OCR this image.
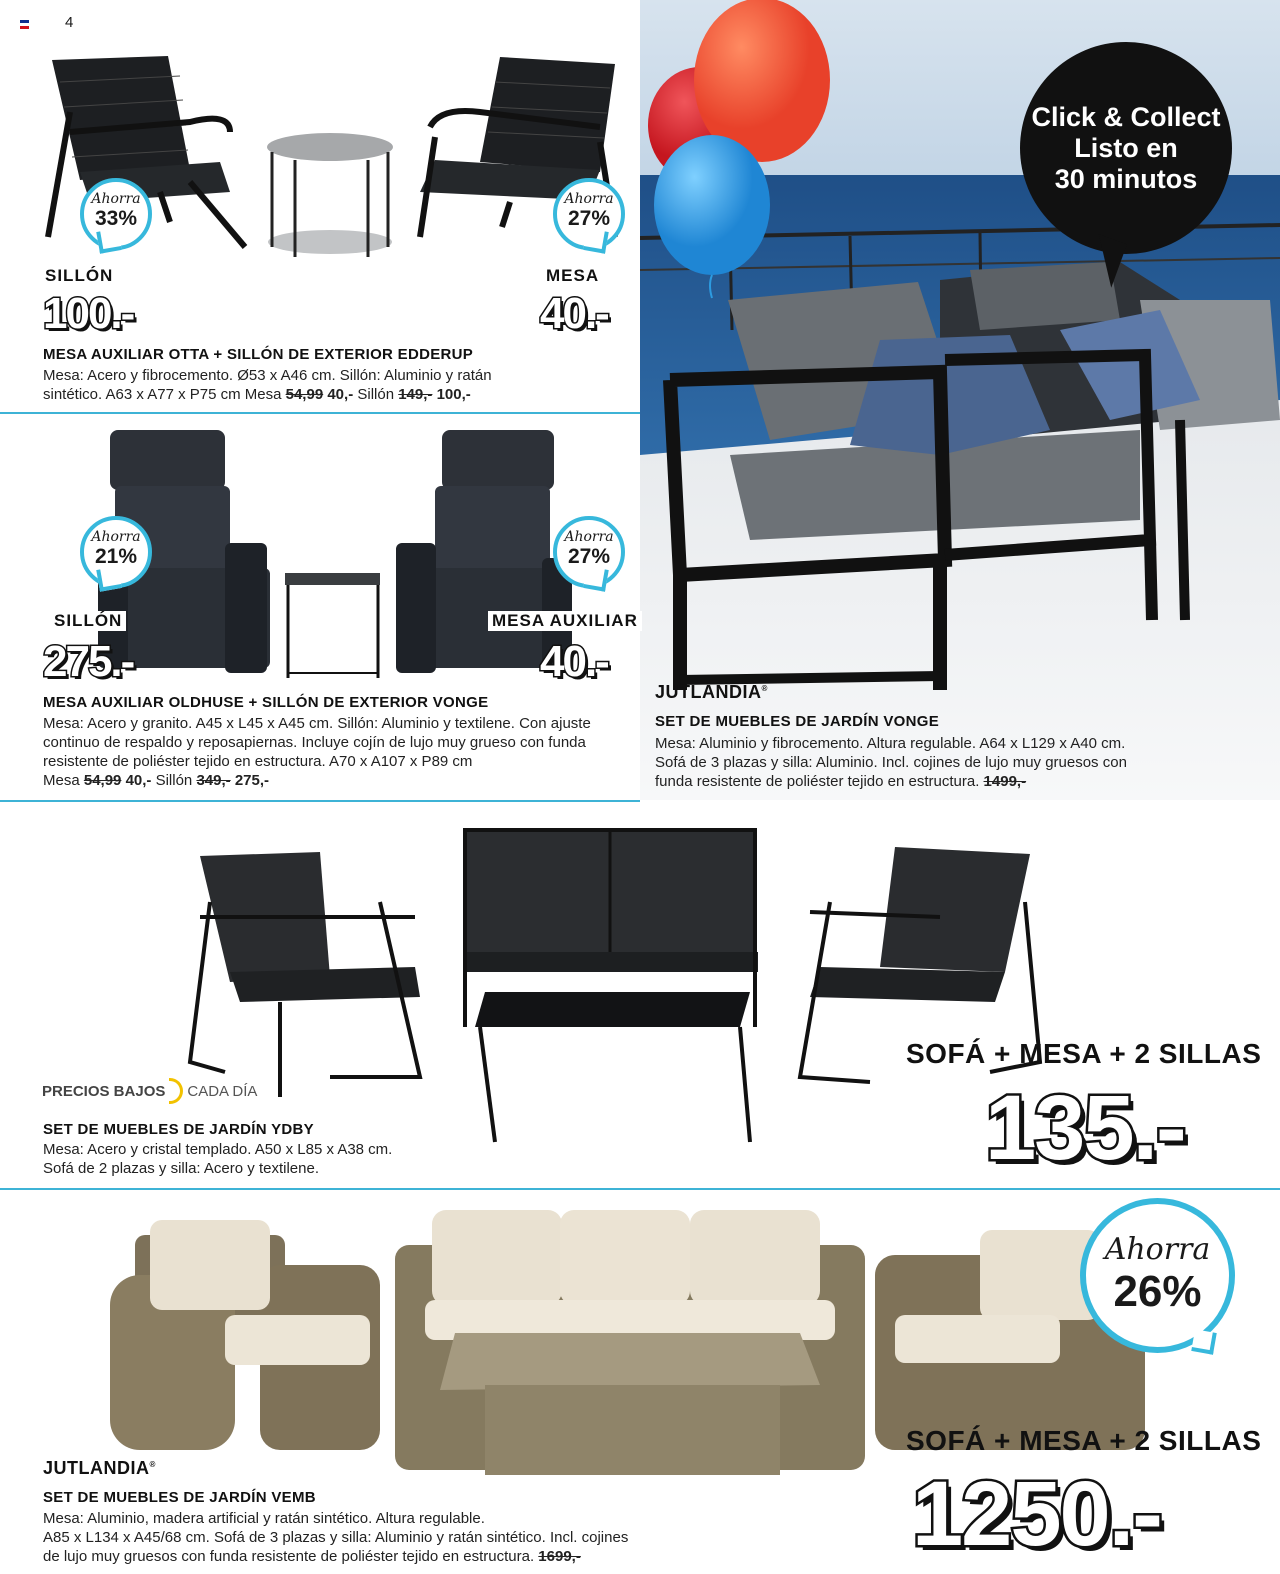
4
Click & Collect
Listo en
30 minutos
JUTLANDIA®
SET DE MUEBLES DE JARDÍN VONGE
Mesa: Aluminio y fibrocemento. Altura regulable. A64 x L129 x A40 cm.
Sofá de 3 plazas y silla: Aluminio. Incl. cojines de lujo muy gruesos con
funda resistente de poliéster tejido en estructura. 1499,-
Ahorra
33%
Ahorra
27%
SILLÓN	MESA
100.-	40.-
MESA AUXILIAR OTTA + SILLÓN DE EXTERIOR EDDERUP
Mesa: Acero y fibrocemento. Ø53 x A46 cm. Sillón: Aluminio y ratán
sintético. A63 x A77 x P75 cm Mesa 54,99 40,- Sillón 149,- 100,-
Ahorra
21%
Ahorra
27%
SILLÓN	MESA AUXILIAR
275.-	40.-
MESA AUXILIAR OLDHUSE + SILLÓN DE EXTERIOR VONGE
Mesa: Acero y granito. A45 x L45 x A45 cm. Sillón: Aluminio y textilene. Con ajuste
continuo de respaldo y reposapiernas. Incluye cojín de lujo muy grueso con funda
resistente de poliéster tejido en estructura. A70 x A107 x P89 cm
Mesa 54,99 40,- Sillón 349,- 275,-
PRECIOS BAJOS CADA DÍA
SET DE MUEBLES DE JARDÍN YDBY
Mesa: Acero y cristal templado. A50 x L85 x A38 cm.
Sofá de 2 plazas y silla: Acero y textilene.
SOFÁ + MESA + 2 SILLAS
135.-
Ahorra
26%
SOFÁ + MESA + 2 SILLAS
1250.-
JUTLANDIA®
SET DE MUEBLES DE JARDÍN VEMB
Mesa: Aluminio, madera artificial y ratán sintético. Altura regulable.
A85 x L134 x A45/68 cm. Sofá de 3 plazas y silla: Aluminio y ratán sintético. Incl. cojines
de lujo muy gruesos con funda resistente de poliéster tejido en estructura. 1699,-
